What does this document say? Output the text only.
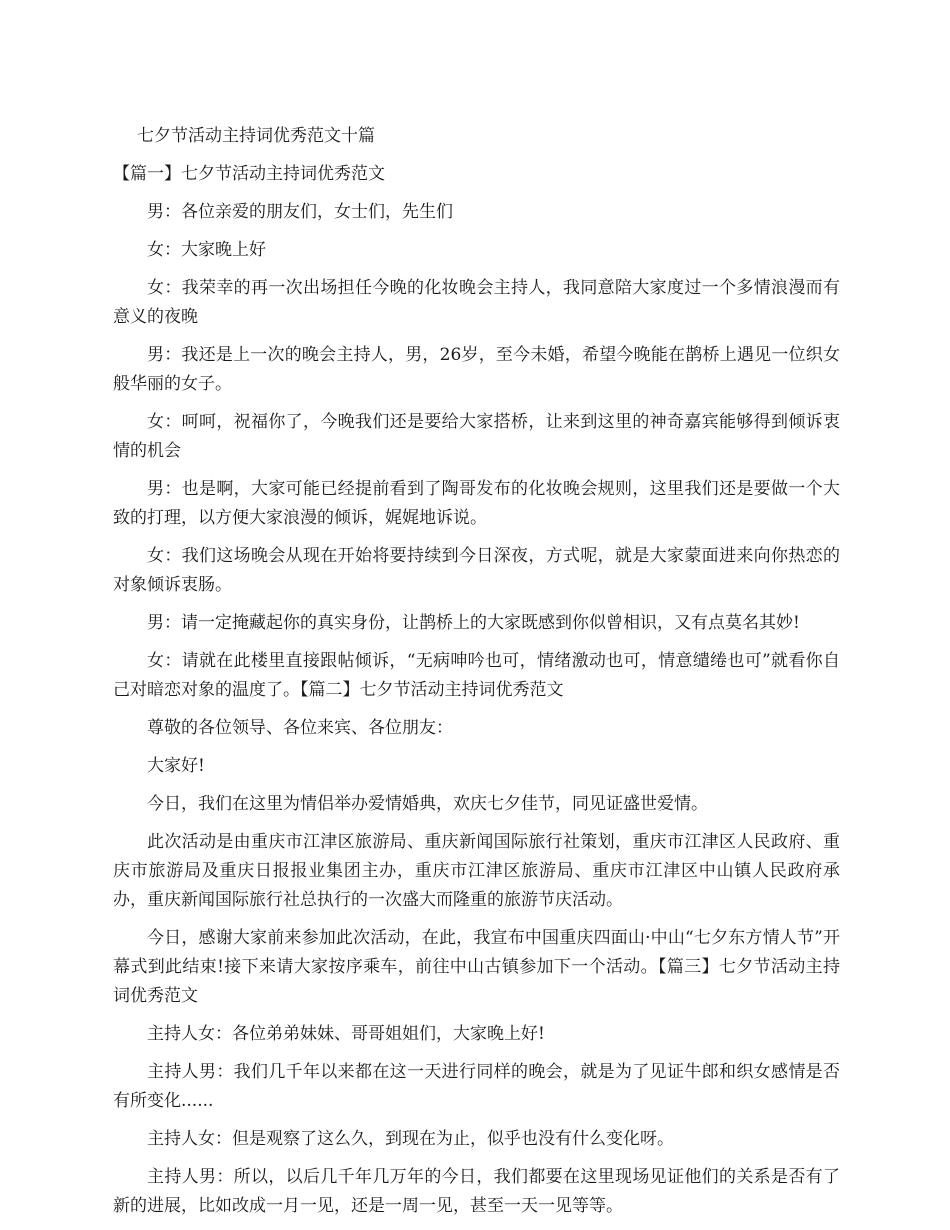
七夕节活动主持词优秀范文十篇
【篇一】七夕节活动主持词优秀范文
男：各位亲爱的朋友们，女士们，先生们
女：大家晚上好
女：我荣幸的再一次出场担任今晚的化妆晚会主持人，我同意陪大家度过一个多情浪漫而有意义的夜晚
男：我还是上一次的晚会主持人，男，26岁，至今未婚，希望今晚能在鹊桥上遇见一位织女般华丽的女子。
女：呵呵，祝福你了，今晚我们还是要给大家搭桥，让来到这里的神奇嘉宾能够得到倾诉衷情的机会
男：也是啊，大家可能已经提前看到了陶哥发布的化妆晚会规则，这里我们还是要做一个大致的打理，以方便大家浪漫的倾诉，娓娓地诉说。
女：我们这场晚会从现在开始将要持续到今日深夜，方式呢，就是大家蒙面进来向你热恋的对象倾诉衷肠。
男：请一定掩藏起你的真实身份，让鹊桥上的大家既感到你似曾相识，又有点莫名其妙!
女：请就在此楼里直接跟帖倾诉，“无病呻吟也可，情绪激动也可，情意缱绻也可”就看你自己对暗恋对象的温度了。【篇二】七夕节活动主持词优秀范文
尊敬的各位领导、各位来宾、各位朋友：
大家好!
今日，我们在这里为情侣举办爱情婚典，欢庆七夕佳节，同见证盛世爱情。
此次活动是由重庆市江津区旅游局、重庆新闻国际旅行社策划，重庆市江津区人民政府、重庆市旅游局及重庆日报报业集团主办，重庆市江津区旅游局、重庆市江津区中山镇人民政府承办，重庆新闻国际旅行社总执行的一次盛大而隆重的旅游节庆活动。
今日，感谢大家前来参加此次活动，在此，我宣布中国重庆四面山·中山“七夕东方情人节”开幕式到此结束!接下来请大家按序乘车，前往中山古镇参加下一个活动。【篇三】七夕节活动主持词优秀范文
主持人女：各位弟弟妹妹、哥哥姐姐们，大家晚上好!
主持人男：我们几千年以来都在这一天进行同样的晚会，就是为了见证牛郎和织女感情是否有所变化......
主持人女：但是观察了这么久，到现在为止，似乎也没有什么变化呀。
主持人男：所以，以后几千年几万年的今日，我们都要在这里现场见证他们的关系是否有了新的进展，比如改成一月一见，还是一周一见，甚至一天一见等等。
